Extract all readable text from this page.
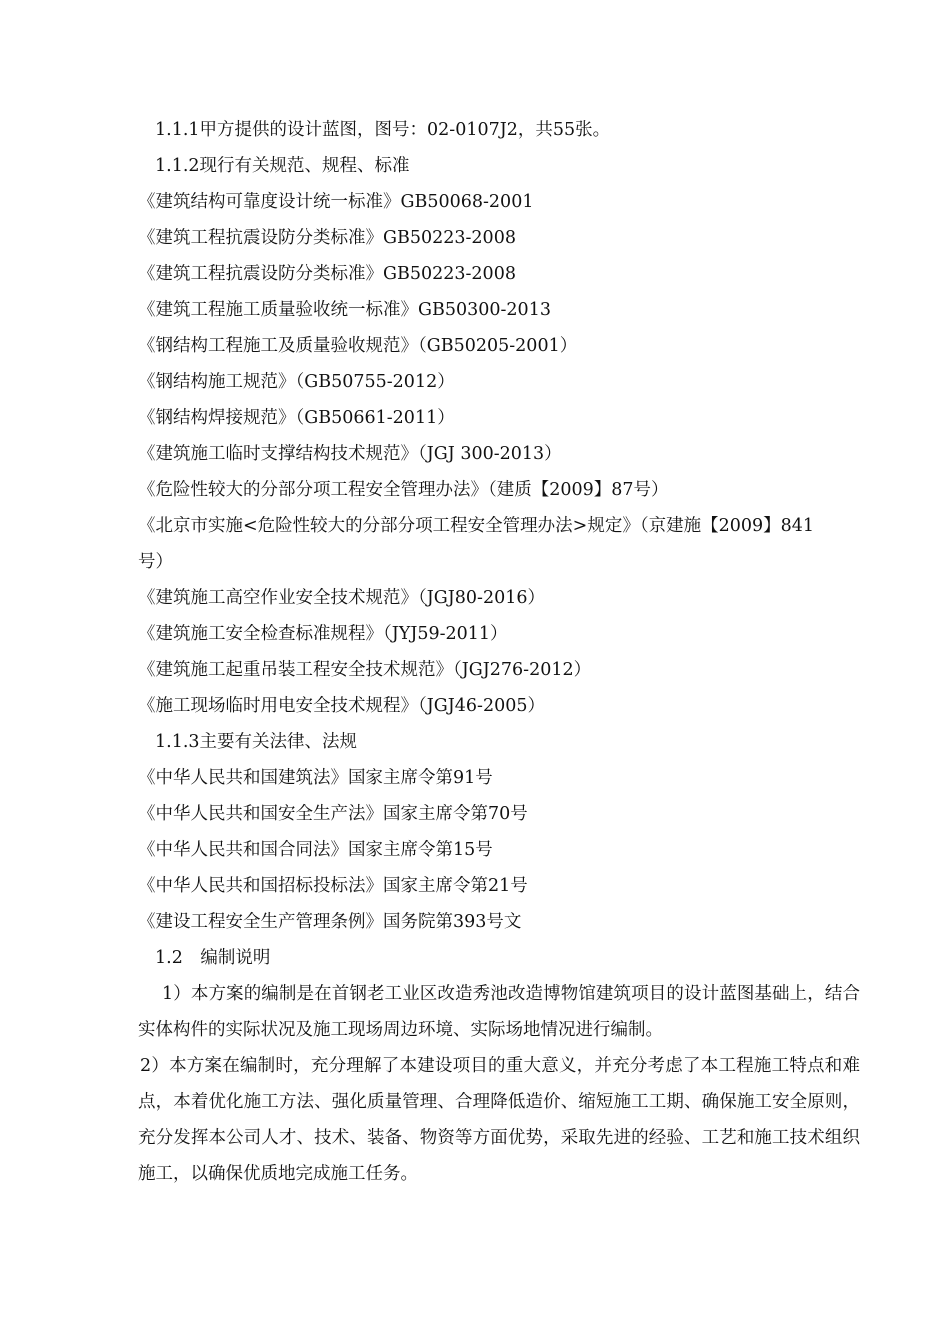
1.1.1甲方提供的设计蓝图，图号：02-0107J2，共55张。
1.1.2现行有关规范、规程、标准
《建筑结构可靠度设计统一标准》GB50068-2001
《建筑工程抗震设防分类标准》GB50223-2008
《建筑工程抗震设防分类标准》GB50223-2008
《建筑工程施工质量验收统一标准》GB50300-2013
《钢结构工程施工及质量验收规范》（GB50205-2001）
《钢结构施工规范》（GB50755-2012）
《钢结构焊接规范》（GB50661-2011）
《建筑施工临时支撑结构技术规范》（JGJ 300-2013）
《危险性较大的分部分项工程安全管理办法》（建质【2009】87号）
《北京市实施<危险性较大的分部分项工程安全管理办法>规定》（京建施【2009】841
号）
《建筑施工高空作业安全技术规范》（JGJ80-2016）
《建筑施工安全检查标准规程》（JYJ59-2011）
《建筑施工起重吊装工程安全技术规范》（JGJ276-2012）
《施工现场临时用电安全技术规程》（JGJ46-2005）
1.1.3主要有关法律、法规
《中华人民共和国建筑法》国家主席令第91号
《中华人民共和国安全生产法》国家主席令第70号
《中华人民共和国合同法》国家主席令第15号
《中华人民共和国招标投标法》国家主席令第21号
《建设工程安全生产管理条例》国务院第393号文
1.2　编制说明
1）本方案的编制是在首钢老工业区改造秀池改造博物馆建筑项目的设计蓝图基础上，结合实体构件的实际状况及施工现场周边环境、实际场地情况进行编制。
2）本方案在编制时，充分理解了本建设项目的重大意义，并充分考虑了本工程施工特点和难点，本着优化施工方法、强化质量管理、合理降低造价、缩短施工工期、确保施工安全原则，充分发挥本公司人才、技术、装备、物资等方面优势，采取先进的经验、工艺和施工技术组织施工，以确保优质地完成施工任务。
